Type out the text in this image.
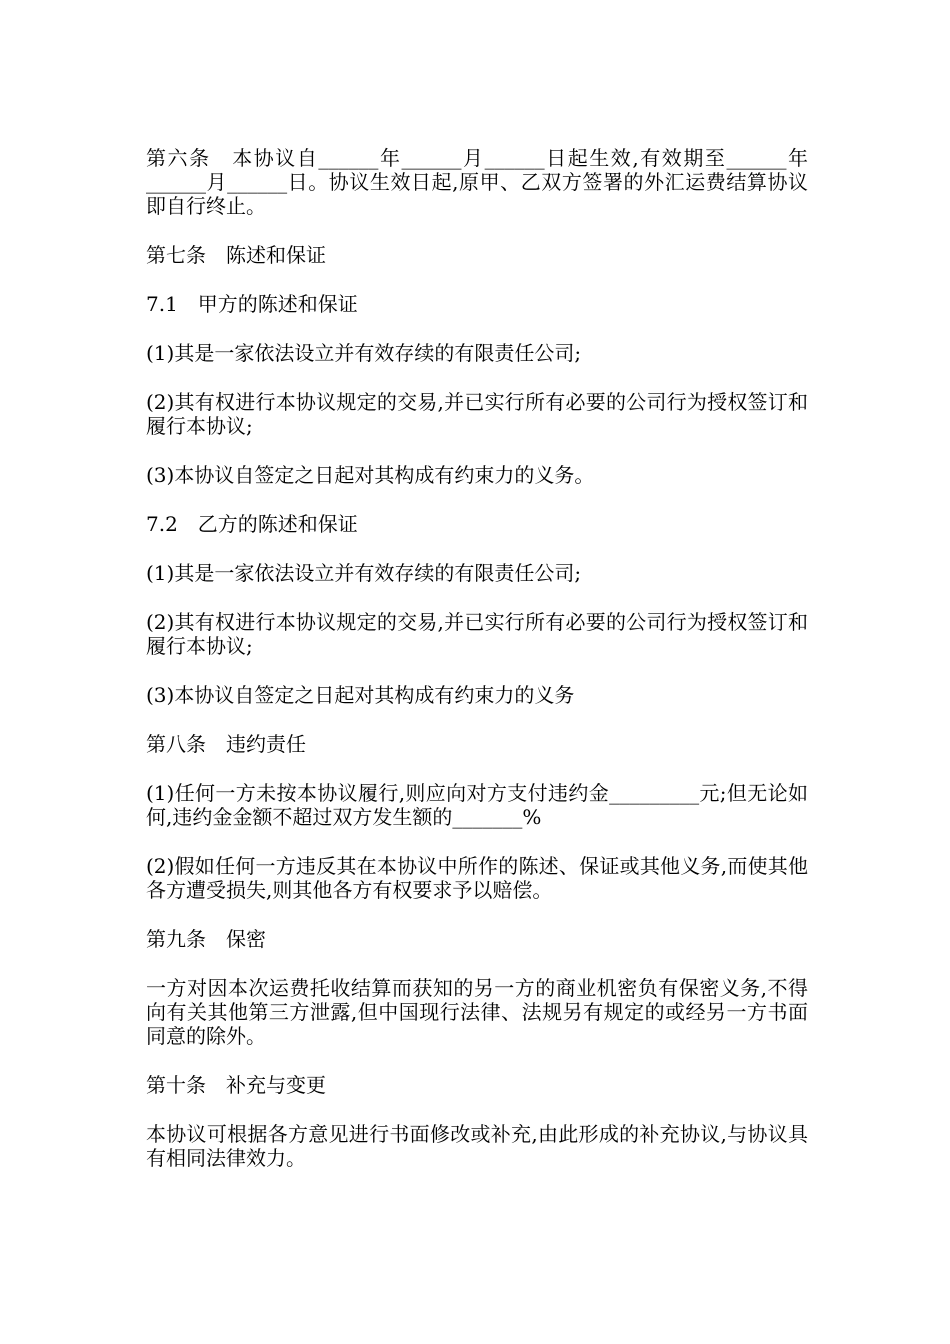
第六条　本协议自______年______月______日起生效,有效期至______年______月______日。协议生效日起,原甲、乙双方签署的外汇运费结算协议即自行终止。

第七条　陈述和保证

7.1　甲方的陈述和保证

(1)其是一家依法设立并有效存续的有限责任公司;

(2)其有权进行本协议规定的交易,并已实行所有必要的公司行为授权签订和履行本协议;

(3)本协议自签定之日起对其构成有约束力的义务。

7.2　乙方的陈述和保证

(1)其是一家依法设立并有效存续的有限责任公司;

(2)其有权进行本协议规定的交易,并已实行所有必要的公司行为授权签订和履行本协议;

(3)本协议自签定之日起对其构成有约束力的义务

第八条　违约责任

(1)任何一方未按本协议履行,则应向对方支付违约金_________元;但无论如何,违约金金额不超过双方发生额的_______%

(2)假如任何一方违反其在本协议中所作的陈述、保证或其他义务,而使其他各方遭受损失,则其他各方有权要求予以赔偿。

第九条　保密

一方对因本次运费托收结算而获知的另一方的商业机密负有保密义务,不得向有关其他第三方泄露,但中国现行法律、法规另有规定的或经另一方书面同意的除外。

第十条　补充与变更

本协议可根据各方意见进行书面修改或补充,由此形成的补充协议,与协议具有相同法律效力。
